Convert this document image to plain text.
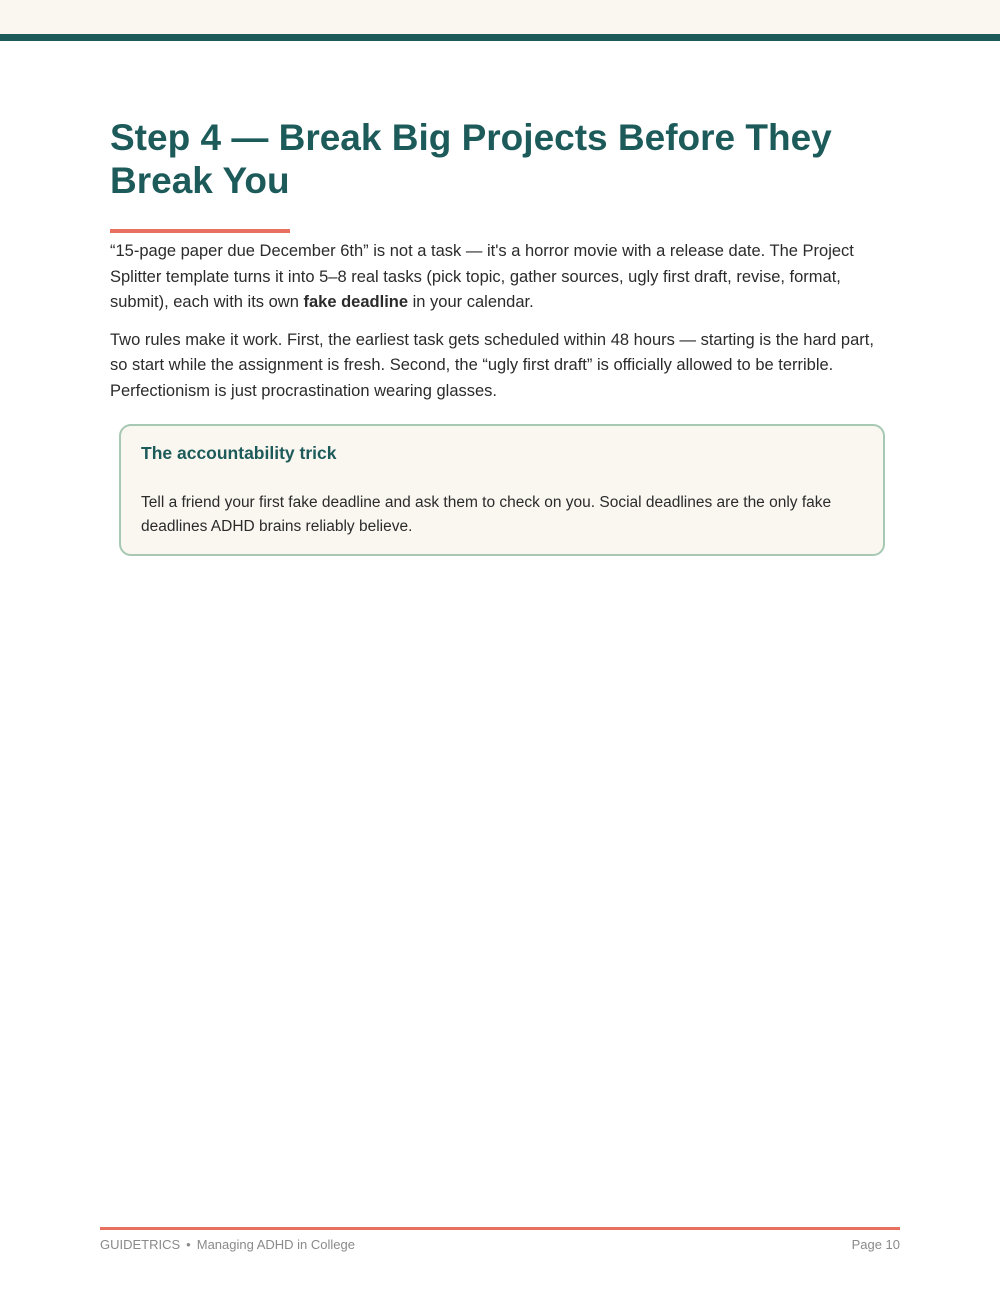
Step 4 — Break Big Projects Before They Break You

“15-page paper due December 6th” is not a task — it's a horror movie with a release date. The Project Splitter template turns it into 5–8 real tasks (pick topic, gather sources, ugly first draft, revise, format, submit), each with its own fake deadline in your calendar.

Two rules make it work. First, the earliest task gets scheduled within 48 hours — starting is the hard part, so start while the assignment is fresh. Second, the “ugly first draft” is officially allowed to be terrible. Perfectionism is just procrastination wearing glasses.

The accountability trick

Tell a friend your first fake deadline and ask them to check on you. Social deadlines are the only fake deadlines ADHD brains reliably believe.

GUIDETRICS • Managing ADHD in College	Page 10
